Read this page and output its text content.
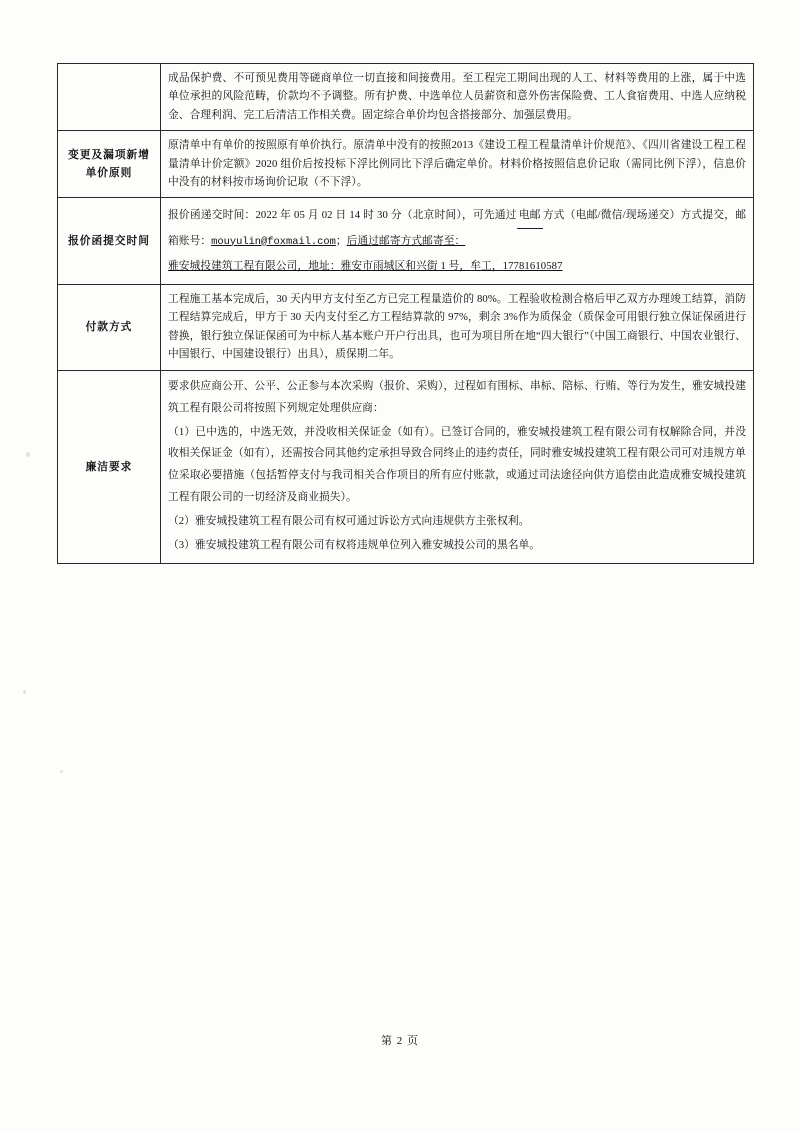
	成品保护费、不可预见费用等磋商单位一切直接和间接费用。至工程完工期间出现的人工、材料等费用的上涨，属于中选单位承担的风险范畴，价款均不予调整。所有护费、中选单位人员薪资和意外伤害保险费、工人食宿费用、中选人应纳税金、合理利润、完工后清洁工作相关费。固定综合单价均包含搭接部分、加强层费用。

变更及漏项新增
单价原则	原清单中有单价的按照原有单价执行。原清单中没有的按照2013《建设工程工程量清单计价规范》、《四川省建设工程工程量清单计价定额》2020 组价后按投标下浮比例同比下浮后确定单价。材料价格按照信息价记取（需同比例下浮），信息价中没有的材料按市场询价记取（不下浮）。

报价函提交时间	报价函递交时间：2022 年 05 月 02 日 14 时 30 分（北京时间），可先通过 电邮 方式（电邮/微信/现场递交）方式提交，邮箱账号：mouyulin@foxmail.com；后通过邮寄方式邮寄至：
雅安城投建筑工程有限公司，地址：雅安市雨城区和兴街 1 号，牟工，17781610587

付款方式	工程施工基本完成后，30 天内甲方支付至乙方已完工程量造价的 80%。工程验收检测合格后甲乙双方办理竣工结算，消防工程结算完成后，甲方于 30 天内支付至乙方工程结算款的 97%，剩余 3%作为质保金（质保金可用银行独立保证保函进行替换，银行独立保证保函可为中标人基本账户开户行出具，也可为项目所在地“四大银行”（中国工商银行、中国农业银行、中国银行、中国建设银行）出具），质保期二年。

廉洁要求	要求供应商公开、公平、公正参与本次采购（报价、采购），过程如有围标、串标、陪标、行贿、等行为发生，雅安城投建筑工程有限公司将按照下列规定处理供应商：

（1）已中选的，中选无效，并没收相关保证金（如有）。已签订合同的，雅安城投建筑工程有限公司有权解除合同，并没收相关保证金（如有），还需按合同其他约定承担导致合同终止的违约责任，同时雅安城投建筑工程有限公司可对违规方单位采取必要措施（包括暂停支付与我司相关合作项目的所有应付账款，或通过司法途径向供方追偿由此造成雅安城投建筑工程有限公司的一切经济及商业损失）。

（2）雅安城投建筑工程有限公司有权可通过诉讼方式向违规供方主张权利。

（3）雅安城投建筑工程有限公司有权将违规单位列入雅安城投公司的黑名单。

第 2 页
